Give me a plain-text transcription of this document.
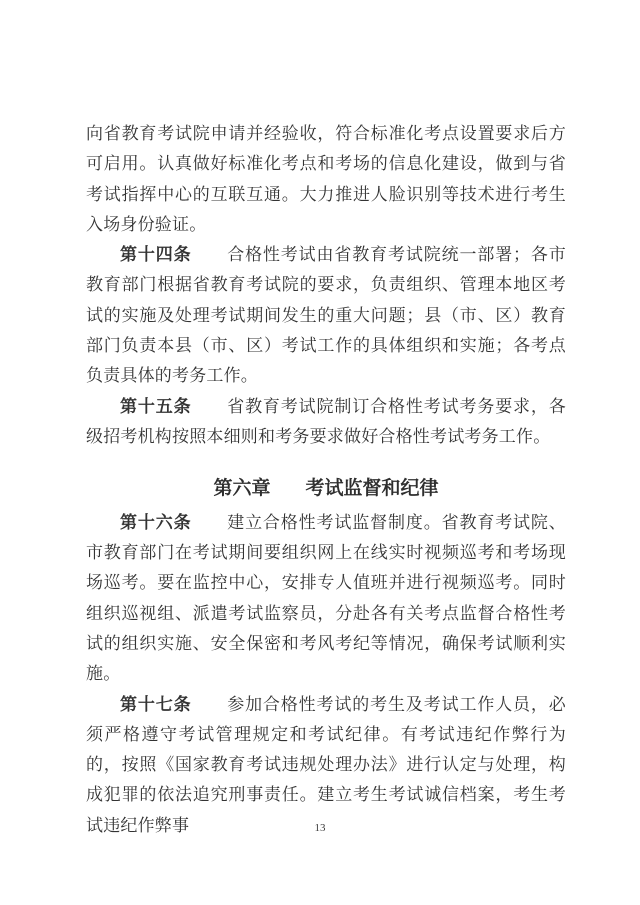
向省教育考试院申请并经验收，符合标准化考点设置要求后方可启用。认真做好标准化考点和考场的信息化建设，做到与省考试指挥中心的互联互通。大力推进人脸识别等技术进行考生入场身份验证。

第十四条　　合格性考试由省教育考试院统一部署；各市教育部门根据省教育考试院的要求，负责组织、管理本地区考试的实施及处理考试期间发生的重大问题；县（市、区）教育部门负责本县（市、区）考试工作的具体组织和实施；各考点负责具体的考务工作。

第十五条　　省教育考试院制订合格性考试考务要求，各级招考机构按照本细则和考务要求做好合格性考试考务工作。

第六章 考试监督和纪律

第十六条　　建立合格性考试监督制度。省教育考试院、市教育部门在考试期间要组织网上在线实时视频巡考和考场现场巡考。要在监控中心，安排专人值班并进行视频巡考。同时组织巡视组、派遣考试监察员，分赴各有关考点监督合格性考试的组织实施、安全保密和考风考纪等情况，确保考试顺利实施。

第十七条　　参加合格性考试的考生及考试工作人员，必须严格遵守考试管理规定和考试纪律。有考试违纪作弊行为的，按照《国家教育考试违规处理办法》进行认定与处理，构成犯罪的依法追究刑事责任。建立考生考试诚信档案，考生考试违纪作弊事	13
